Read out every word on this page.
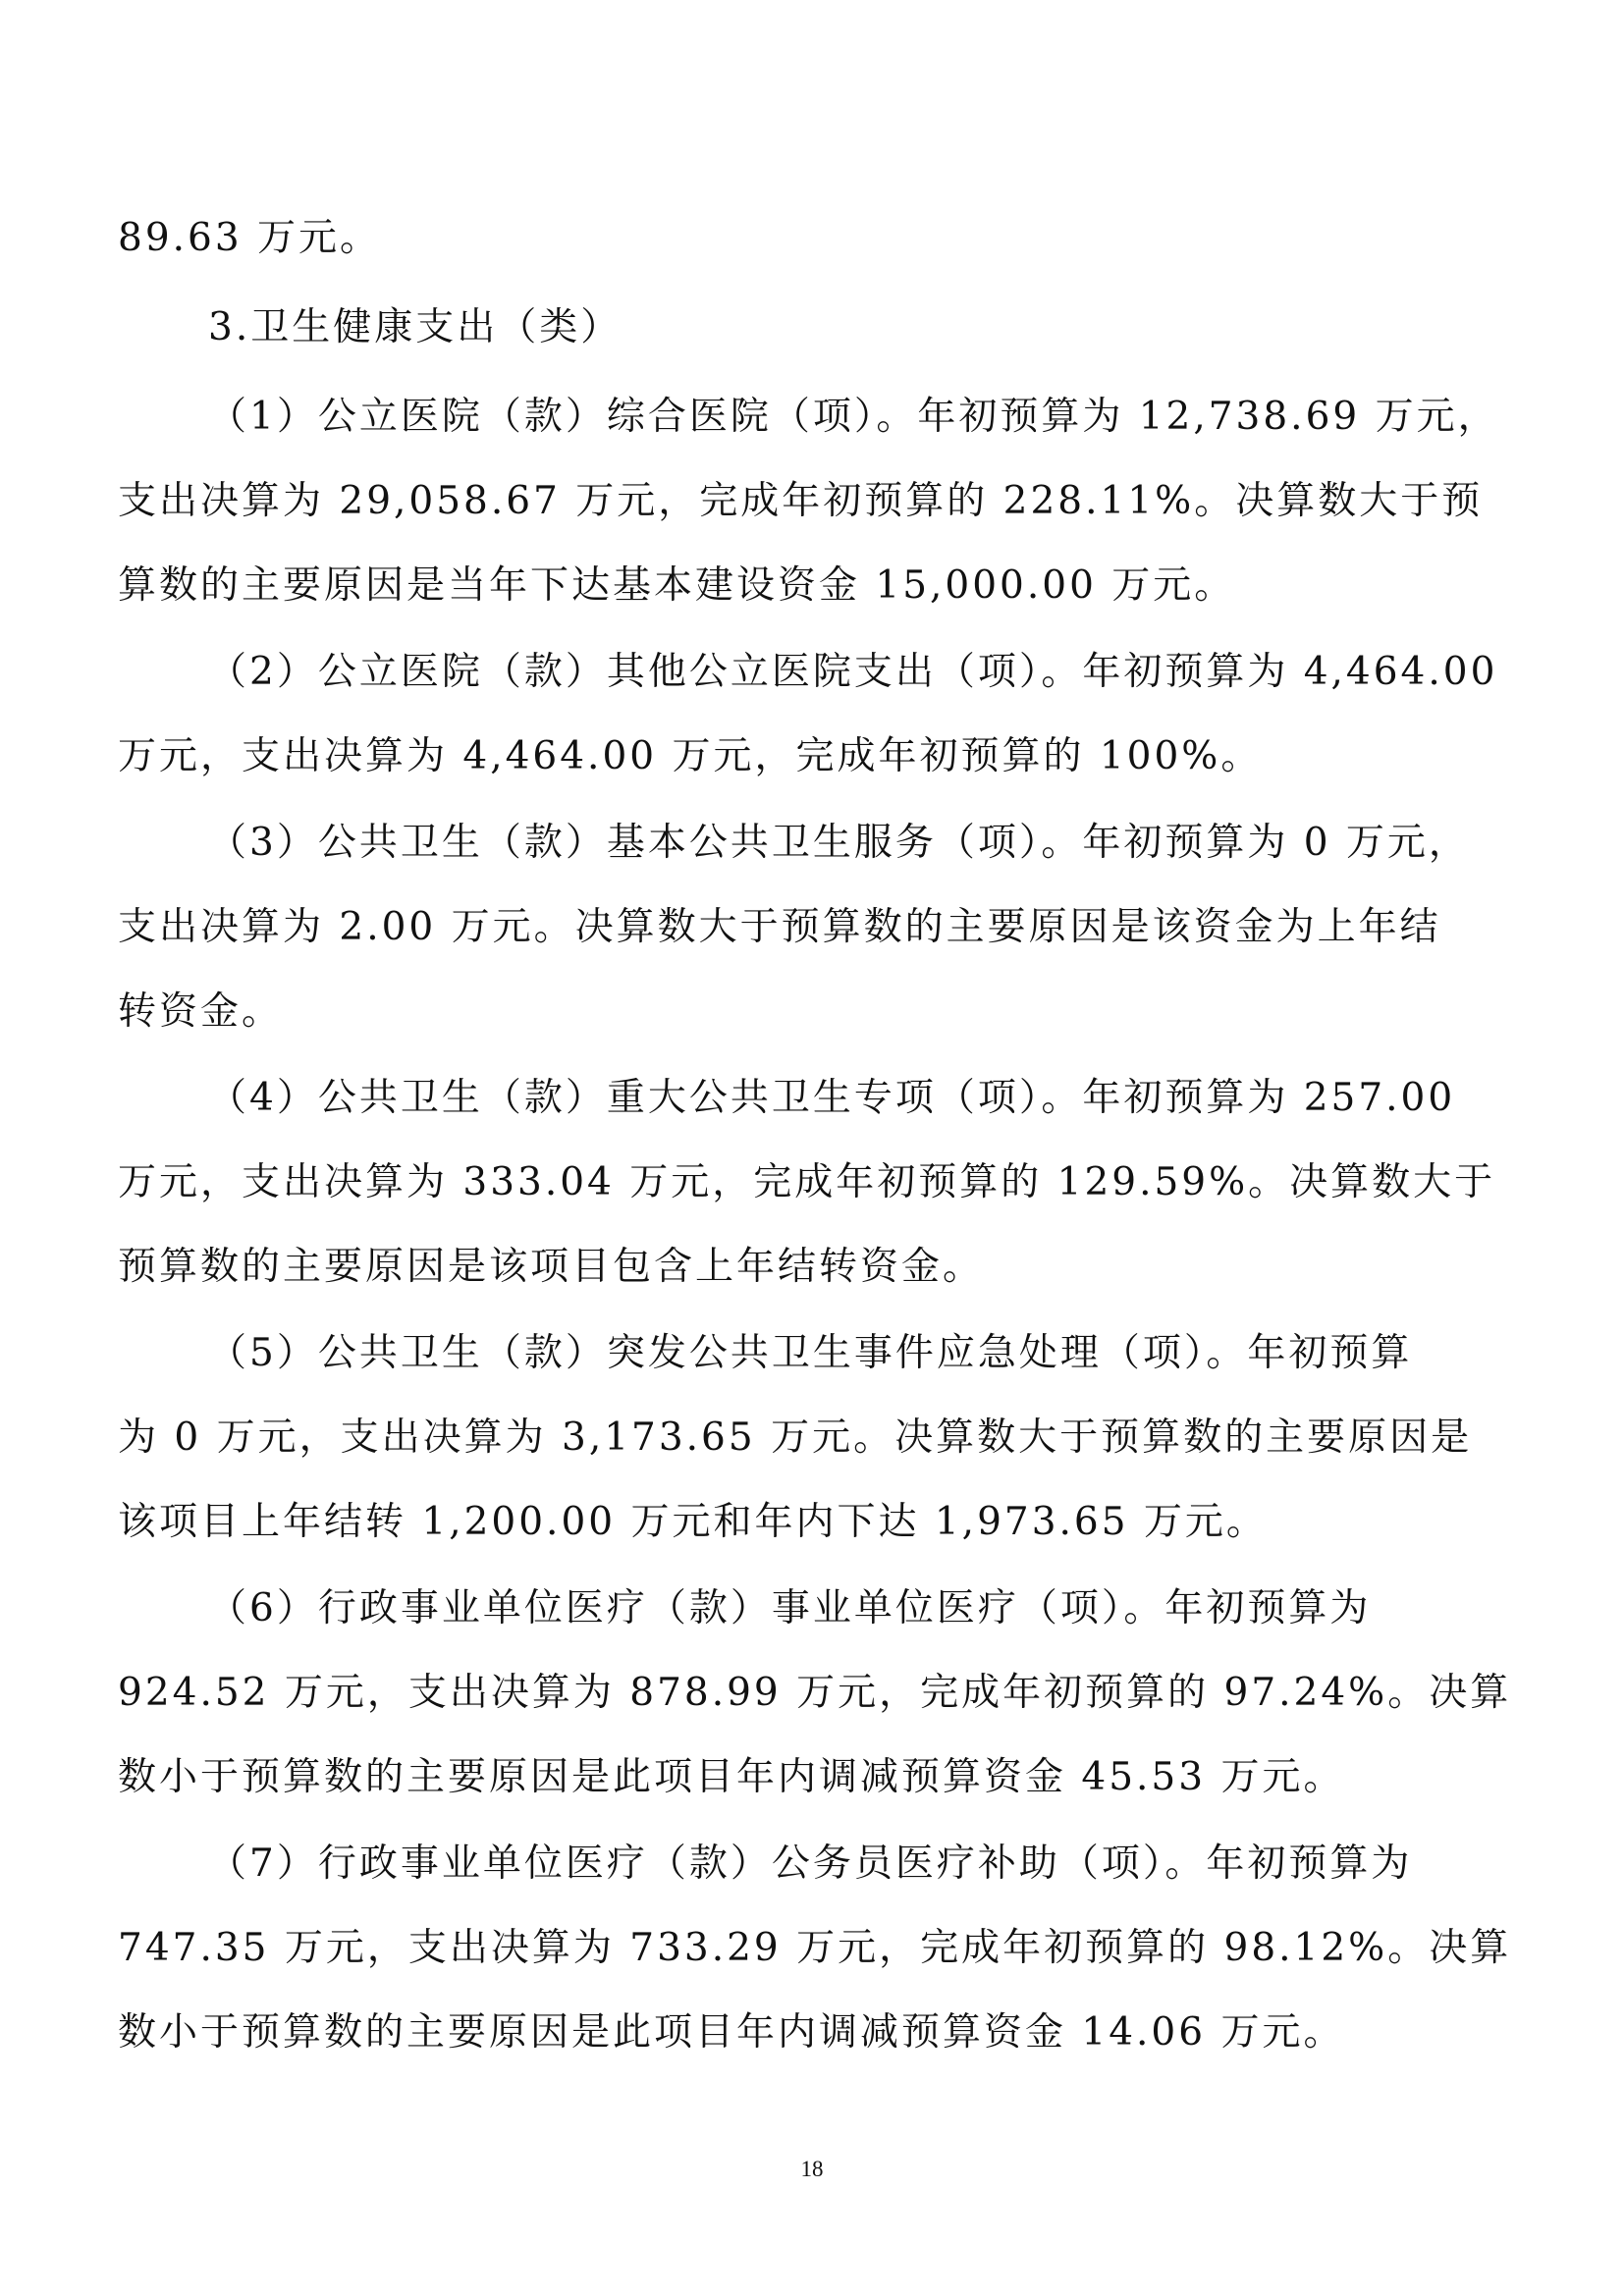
89.63 万元。
3.卫生健康支出（类）
（1）公立医院（款）综合医院（项）。年初预算为 12,738.69 万元，
支出决算为 29,058.67 万元，完成年初预算的 228.11%。决算数大于预
算数的主要原因是当年下达基本建设资金 15,000.00 万元。
（2）公立医院（款）其他公立医院支出（项）。年初预算为 4,464.00
万元，支出决算为 4,464.00 万元，完成年初预算的 100%。
（3）公共卫生（款）基本公共卫生服务（项）。年初预算为 0 万元，
支出决算为 2.00 万元。决算数大于预算数的主要原因是该资金为上年结
转资金。
（4）公共卫生（款）重大公共卫生专项（项）。年初预算为 257.00
万元，支出决算为 333.04 万元，完成年初预算的 129.59%。决算数大于
预算数的主要原因是该项目包含上年结转资金。
（5）公共卫生（款）突发公共卫生事件应急处理（项）。年初预算
为 0 万元，支出决算为 3,173.65 万元。决算数大于预算数的主要原因是
该项目上年结转 1,200.00 万元和年内下达 1,973.65 万元。
（6）行政事业单位医疗（款）事业单位医疗（项）。年初预算为
924.52 万元，支出决算为 878.99 万元，完成年初预算的 97.24%。决算
数小于预算数的主要原因是此项目年内调减预算资金 45.53 万元。
（7）行政事业单位医疗（款）公务员医疗补助（项）。年初预算为
747.35 万元，支出决算为 733.29 万元，完成年初预算的 98.12%。决算
数小于预算数的主要原因是此项目年内调减预算资金 14.06 万元。
18
